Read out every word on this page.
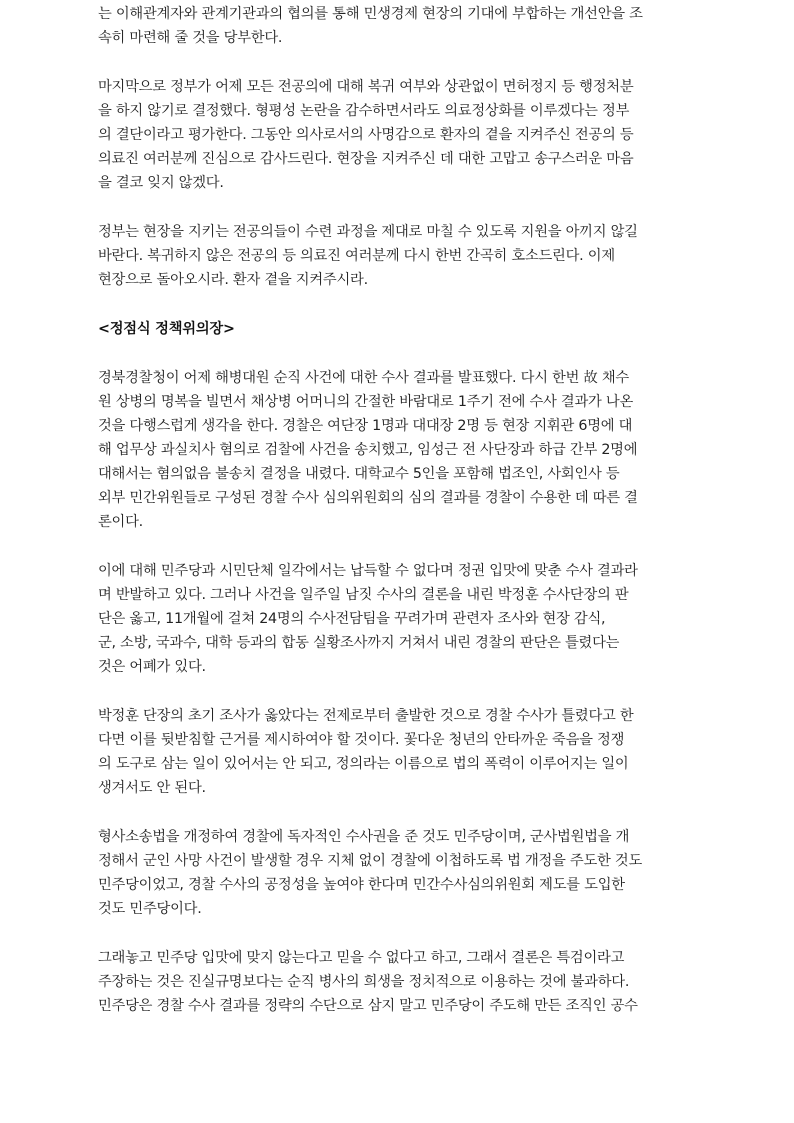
는 이해관계자와 관계기관과의 협의를 통해 민생경제 현장의 기대에 부합하는 개선안을 조
속히 마련해 줄 것을 당부한다.

마지막으로 정부가 어제 모든 전공의에 대해 복귀 여부와 상관없이 면허정지 등 행정처분
을 하지 않기로 결정했다. 형평성 논란을 감수하면서라도 의료정상화를 이루겠다는 정부
의 결단이라고 평가한다. 그동안 의사로서의 사명감으로 환자의 곁을 지켜주신 전공의 등
의료진 여러분께 진심으로 감사드린다. 현장을 지켜주신 데 대한 고맙고 송구스러운 마음
을 결코 잊지 않겠다.

정부는 현장을 지키는 전공의들이 수련 과정을 제대로 마칠 수 있도록 지원을 아끼지 않길
바란다. 복귀하지 않은 전공의 등 의료진 여러분께 다시 한번 간곡히 호소드린다. 이제
현장으로 돌아오시라. 환자 곁을 지켜주시라.

<정점식 정책위의장>

경북경찰청이 어제 해병대원 순직 사건에 대한 수사 결과를 발표했다. 다시 한번 故 채수
원 상병의 명복을 빌면서 채상병 어머니의 간절한 바람대로 1주기 전에 수사 결과가 나온
것을 다행스럽게 생각을 한다. 경찰은 여단장 1명과 대대장 2명 등 현장 지휘관 6명에 대
해 업무상 과실치사 혐의로 검찰에 사건을 송치했고, 임성근 전 사단장과 하급 간부 2명에
대해서는 혐의없음 불송치 결정을 내렸다. 대학교수 5인을 포함해 법조인, 사회인사 등
외부 민간위원들로 구성된 경찰 수사 심의위원회의 심의 결과를 경찰이 수용한 데 따른 결
론이다.

이에 대해 민주당과 시민단체 일각에서는 납득할 수 없다며 정권 입맛에 맞춘 수사 결과라
며 반발하고 있다. 그러나 사건을 일주일 남짓 수사의 결론을 내린 박정훈 수사단장의 판
단은 옳고, 11개월에 걸쳐 24명의 수사전담팀을 꾸려가며 관련자 조사와 현장 감식,
군, 소방, 국과수, 대학 등과의 합동 실황조사까지 거쳐서 내린 경찰의 판단은 틀렸다는
것은 어폐가 있다.

박정훈 단장의 초기 조사가 옳았다는 전제로부터 출발한 것으로 경찰 수사가 틀렸다고 한
다면 이를 뒷받침할 근거를 제시하여야 할 것이다. 꽃다운 청년의 안타까운 죽음을 정쟁
의 도구로 삼는 일이 있어서는 안 되고, 정의라는 이름으로 법의 폭력이 이루어지는 일이
생겨서도 안 된다.

형사소송법을 개정하여 경찰에 독자적인 수사권을 준 것도 민주당이며, 군사법원법을 개
정해서 군인 사망 사건이 발생할 경우 지체 없이 경찰에 이첩하도록 법 개정을 주도한 것도
민주당이었고, 경찰 수사의 공정성을 높여야 한다며 민간수사심의위원회 제도를 도입한
것도 민주당이다.

그래놓고 민주당 입맛에 맞지 않는다고 믿을 수 없다고 하고, 그래서 결론은 특검이라고
주장하는 것은 진실규명보다는 순직 병사의 희생을 정치적으로 이용하는 것에 불과하다.
민주당은 경찰 수사 결과를 정략의 수단으로 삼지 말고 민주당이 주도해 만든 조직인 공수
